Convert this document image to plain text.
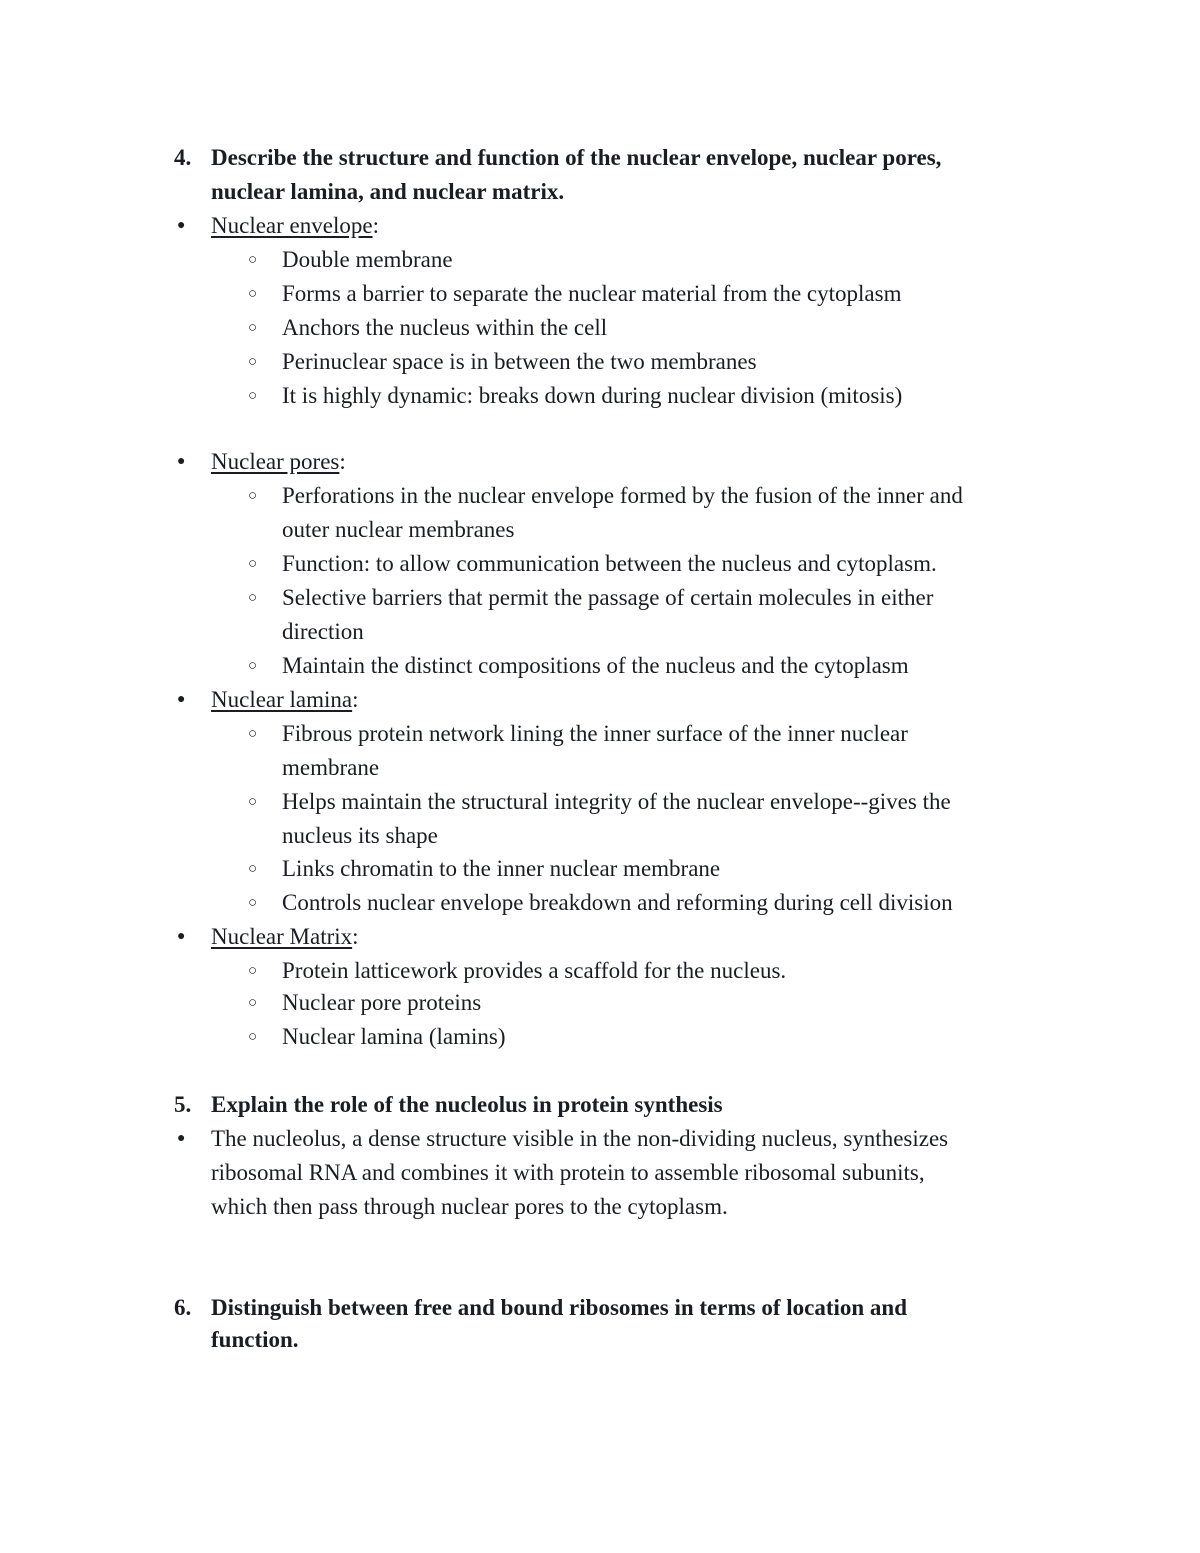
4. Describe the structure and function of the nuclear envelope, nuclear pores,
nuclear lamina, and nuclear matrix.
● Nuclear envelope:
○ Double membrane
○ Forms a barrier to separate the nuclear material from the cytoplasm
○ Anchors the nucleus within the cell
○ Perinuclear space is in between the two membranes
○ It is highly dynamic: breaks down during nuclear division (mitosis)
● Nuclear pores:
○ Perforations in the nuclear envelope formed by the fusion of the inner and
outer nuclear membranes
○ Function: to allow communication between the nucleus and cytoplasm.
○ Selective barriers that permit the passage of certain molecules in either
direction
○ Maintain the distinct compositions of the nucleus and the cytoplasm
● Nuclear lamina:
○ Fibrous protein network lining the inner surface of the inner nuclear
membrane
○ Helps maintain the structural integrity of the nuclear envelope--gives the
nucleus its shape
○ Links chromatin to the inner nuclear membrane
○ Controls nuclear envelope breakdown and reforming during cell division
● Nuclear Matrix:
○ Protein latticework provides a scaffold for the nucleus.
○ Nuclear pore proteins
○ Nuclear lamina (lamins)
5. Explain the role of the nucleolus in protein synthesis
● The nucleolus, a dense structure visible in the non-dividing nucleus, synthesizes
ribosomal RNA and combines it with protein to assemble ribosomal subunits,
which then pass through nuclear pores to the cytoplasm.
6. Distinguish between free and bound ribosomes in terms of location and
function.
